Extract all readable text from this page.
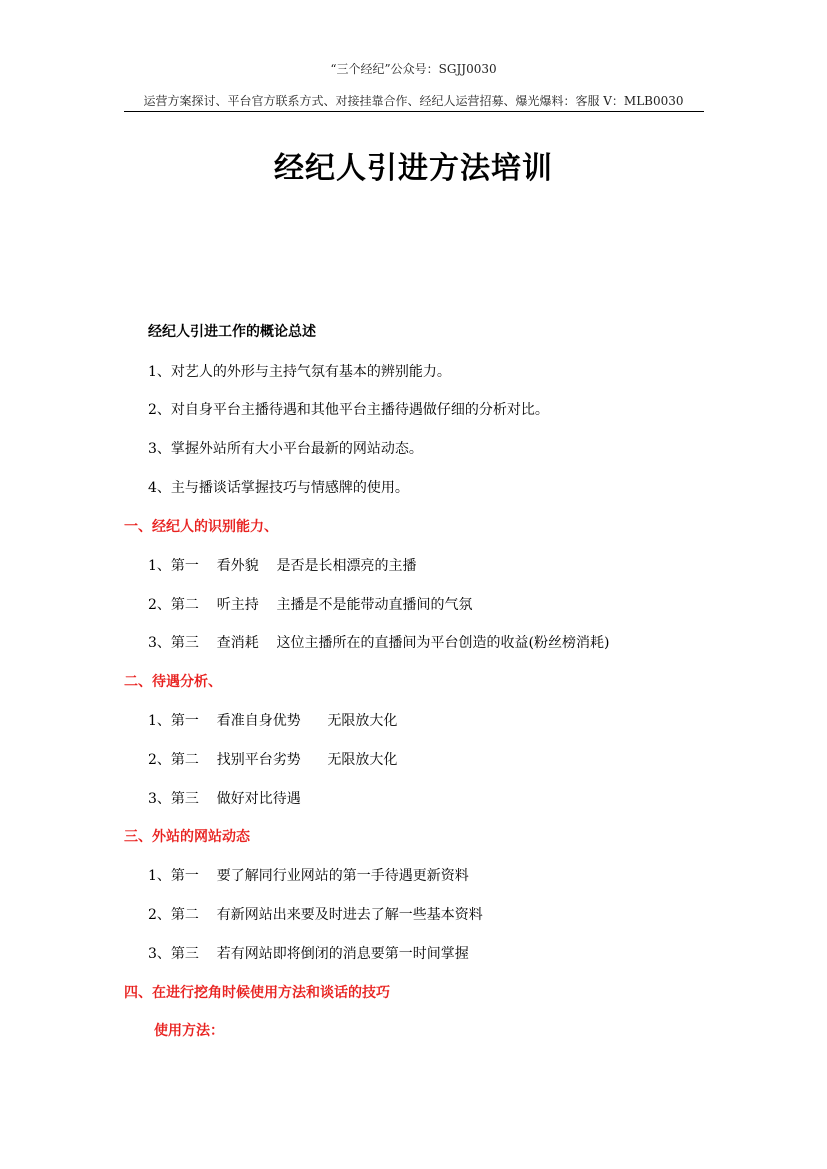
“三个经纪”公众号：SGJJ0030
运营方案探讨、平台官方联系方式、对接挂靠合作、经纪人运营招募、爆光爆料：客服 V：MLB0030
经纪人引进方法培训
经纪人引进工作的概论总述
1、对艺人的外形与主持气氛有基本的辨别能力。
2、对自身平台主播待遇和其他平台主播待遇做仔细的分析对比。
3、掌握外站所有大小平台最新的网站动态。
4、主与播谈话掌握技巧与情感牌的使用。
一、经纪人的识别能力、
1、第一    看外貌    是否是长相漂亮的主播
2、第二    听主持    主播是不是能带动直播间的气氛
3、第三    查消耗    这位主播所在的直播间为平台创造的收益(粉丝榜消耗)
二、待遇分析、
1、第一    看准自身优势      无限放大化
2、第二    找别平台劣势      无限放大化
3、第三    做好对比待遇
三、外站的网站动态
1、第一    要了解同行业网站的第一手待遇更新资料
2、第二    有新网站出来要及时进去了解一些基本资料
3、第三    若有网站即将倒闭的消息要第一时间掌握
四、在进行挖角时候使用方法和谈话的技巧
使用方法：
